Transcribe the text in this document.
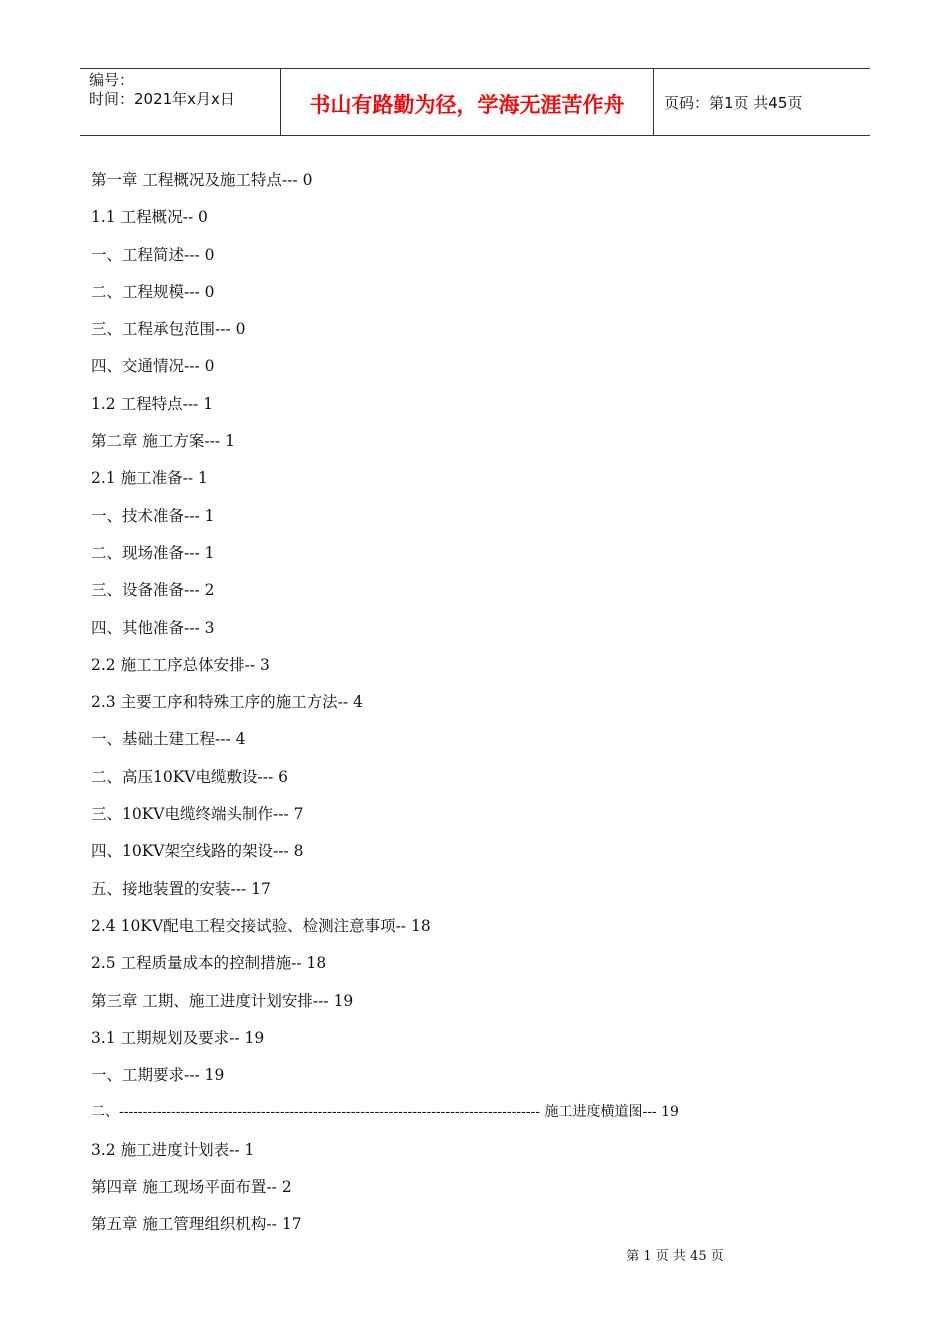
编号：
时间：2021年x月x日	书山有路勤为径，学海无涯苦作舟	页码：第1页 共45页
第一章 工程概况及施工特点--- 0
1.1 工程概况-- 0
一、工程简述--- 0
二、工程规模--- 0
三、工程承包范围--- 0
四、交通情况--- 0
1.2 工程特点--- 1
第二章 施工方案--- 1
2.1 施工准备-- 1
一、技术准备--- 1
二、现场准备--- 1
三、设备准备--- 2
四、其他准备--- 3
2.2 施工工序总体安排-- 3
2.3 主要工序和特殊工序的施工方法-- 4
一、基础土建工程--- 4
二、高压10KV电缆敷设--- 6
三、10KV电缆终端头制作--- 7
四、10KV架空线路的架设--- 8
五、接地装置的安装--- 17
2.4 10KV配电工程交接试验、检测注意事项-- 18
2.5 工程质量成本的控制措施-- 18
第三章 工期、施工进度计划安排--- 19
3.1 工期规划及要求-- 19
一、工期要求--- 19
二、----------------------------------------------------------------------------------------- 施工进度横道图--- 19
3.2 施工进度计划表-- 1
第四章 施工现场平面布置-- 2
第五章 施工管理组织机构-- 17
第 1 页 共 45 页
